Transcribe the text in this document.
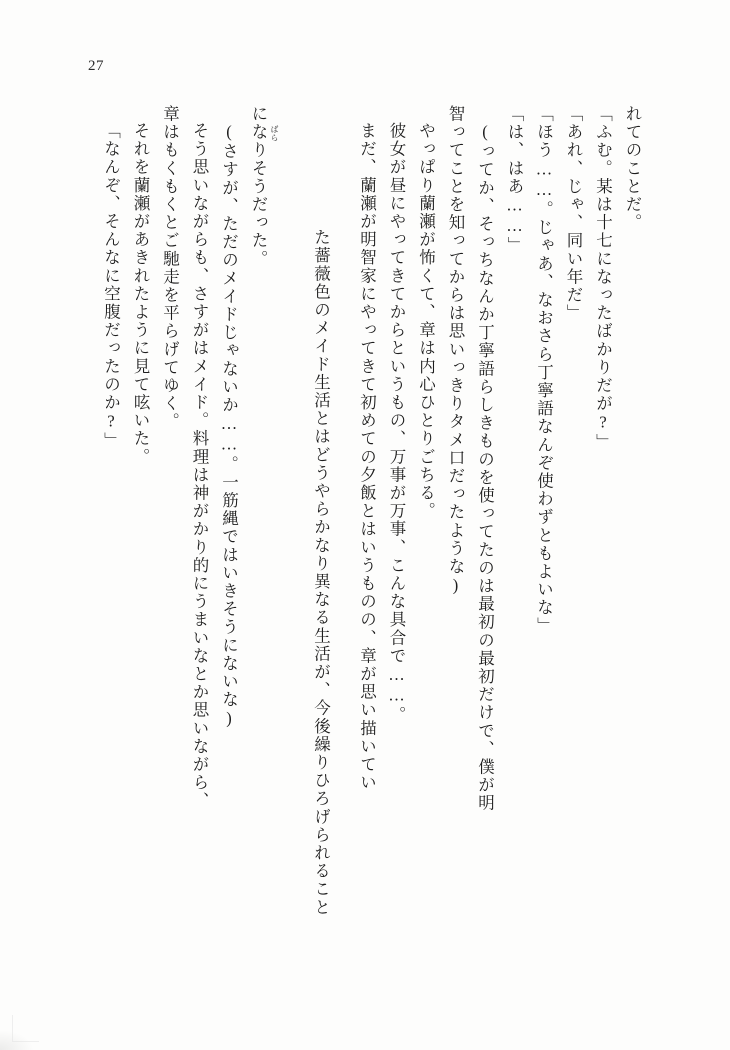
27
れてのことだ。
「ふむ。某は十七になったばかりだが?」
「あれ、じゃ、同い年だ」
「ほう……。じゃあ、なおさら丁寧語なんぞ使わずともよいな」
「は、はあ……」
(ってか、そっちなんか丁寧語らしきものを使ってたのは最初の最初だけで、僕が明
智ってことを知ってからは思いっきりタメ口だったような)
やっぱり蘭瀬が怖くて、章は内心ひとりごちる。
彼女が昼にやってきてからというもの、万事が万事、こんな具合で……。
まだ、蘭瀬が明智家にやってきて初めての夕飯とはいうものの、章が思い描いてい

た薔薇色のメイド生活とはどうやらかなり異なる生活が、今後繰りひろげられること

ばら

になりそうだった。
(さすが、ただのメイドじゃないか……。一筋縄ではいきそうにないな)
そう思いながらも、さすがはメイド。料理は神がかり的にうまいなとか思いながら、
章はもくもくとご馳走を平らげてゆく。
それを蘭瀬があきれたように見て呟いた。
「なんぞ、そんなに空腹だったのか?」
